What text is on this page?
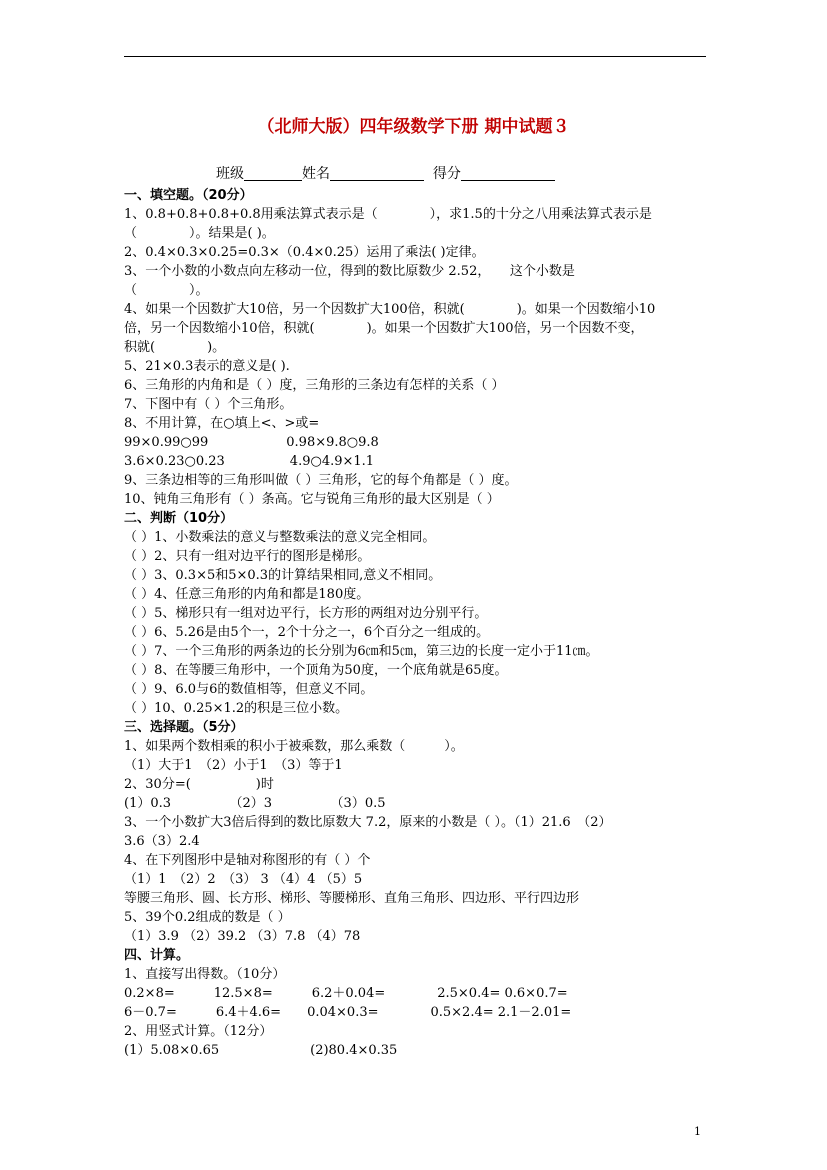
（北师大版）四年级数学下册 期中试题３
班级	姓名	得分
一、填空题。（20分）
1、0.8+0.8+0.8+0.8用乘法算式表示是（　　　　），求1.5的十分之八用乘法算式表示是
（　　　　）。结果是( )。
2、0.4×0.3×0.25=0.3×（0.4×0.25）运用了乘法( )定律。
3、一个小数的小数点向左移动一位，得到的数比原数少 2.52，　　这个小数是
（　　　　）。
4、如果一个因数扩大10倍，另一个因数扩大100倍，积就(　　　　)。如果一个因数缩小10
倍，另一个因数缩小10倍，积就(　　　　)。如果一个因数扩大100倍，另一个因数不变，
积就(　　　　)。
5、21×0.3表示的意义是( ).
6、三角形的内角和是（ ）度，三角形的三条边有怎样的关系（ ）
7、下图中有（ ）个三角形。
8、不用计算，在○填上<、>或=
99×0.99○99　　　　　　0.98×9.8○9.8
3.6×0.23○0.23　　　　　4.9○4.9×1.1
9、三条边相等的三角形叫做（ ）三角形，它的每个角都是（ ）度。
10、钝角三角形有（ ）条高。它与锐角三角形的最大区别是（ ）
二、判断（10分）
（ ）1、小数乘法的意义与整数乘法的意义完全相同。
（ ）2、只有一组对边平行的图形是梯形。
（ ）3、0.3×5和5×0.3的计算结果相同,意义不相同。
（ ）4、任意三角形的内角和都是180度。
（ ）5、梯形只有一组对边平行，长方形的两组对边分别平行。
（ ）6、5.26是由5个一，2个十分之一，6个百分之一组成的。
（ ）7、一个三角形的两条边的长分别为6㎝和5㎝，第三边的长度一定小于11㎝。
（ ）8、在等腰三角形中，一个顶角为50度，一个底角就是65度。
（ ）9、6.0与6的数值相等，但意义不同。
（ ）10、0.25×1.2的积是三位小数。
三、选择题。（5分）
1、如果两个数相乘的积小于被乘数，那么乘数（　　　）。
（1）大于1　（2）小于1　（3）等于1
2、30分=(　　　　　)时
(1）0.3　　　　　（2）3　　　　　（3）0.5
3、一个小数扩大3倍后得到的数比原数大 7.2，原来的小数是（ ）。（1）21.6　（2）
3.6（3）2.4
4、在下列图形中是轴对称图形的有（ ）个
（1）1　（2）2　（3） 3 （4）4 （5）5
等腰三角形、圆、长方形、梯形、等腰梯形、直角三角形、四边形、平行四边形
5、39个0.2组成的数是（ ）
（1）3.9 （2）39.2 （3）7.8 （4）78
四、计算。
1、直接写出得数。（10分）
0.2×8=　　　12.5×8=　　　6.2＋0.04=　　　　2.5×0.4= 0.6×0.7=
6－0.7=　　　6.4＋4.6=　　0.04×0.3=　　　　0.5×2.4= 2.1－2.01=
2、用竖式计算。（12分）
(1）5.08×0.65　　　　　　　(2)80.4×0.35
1
